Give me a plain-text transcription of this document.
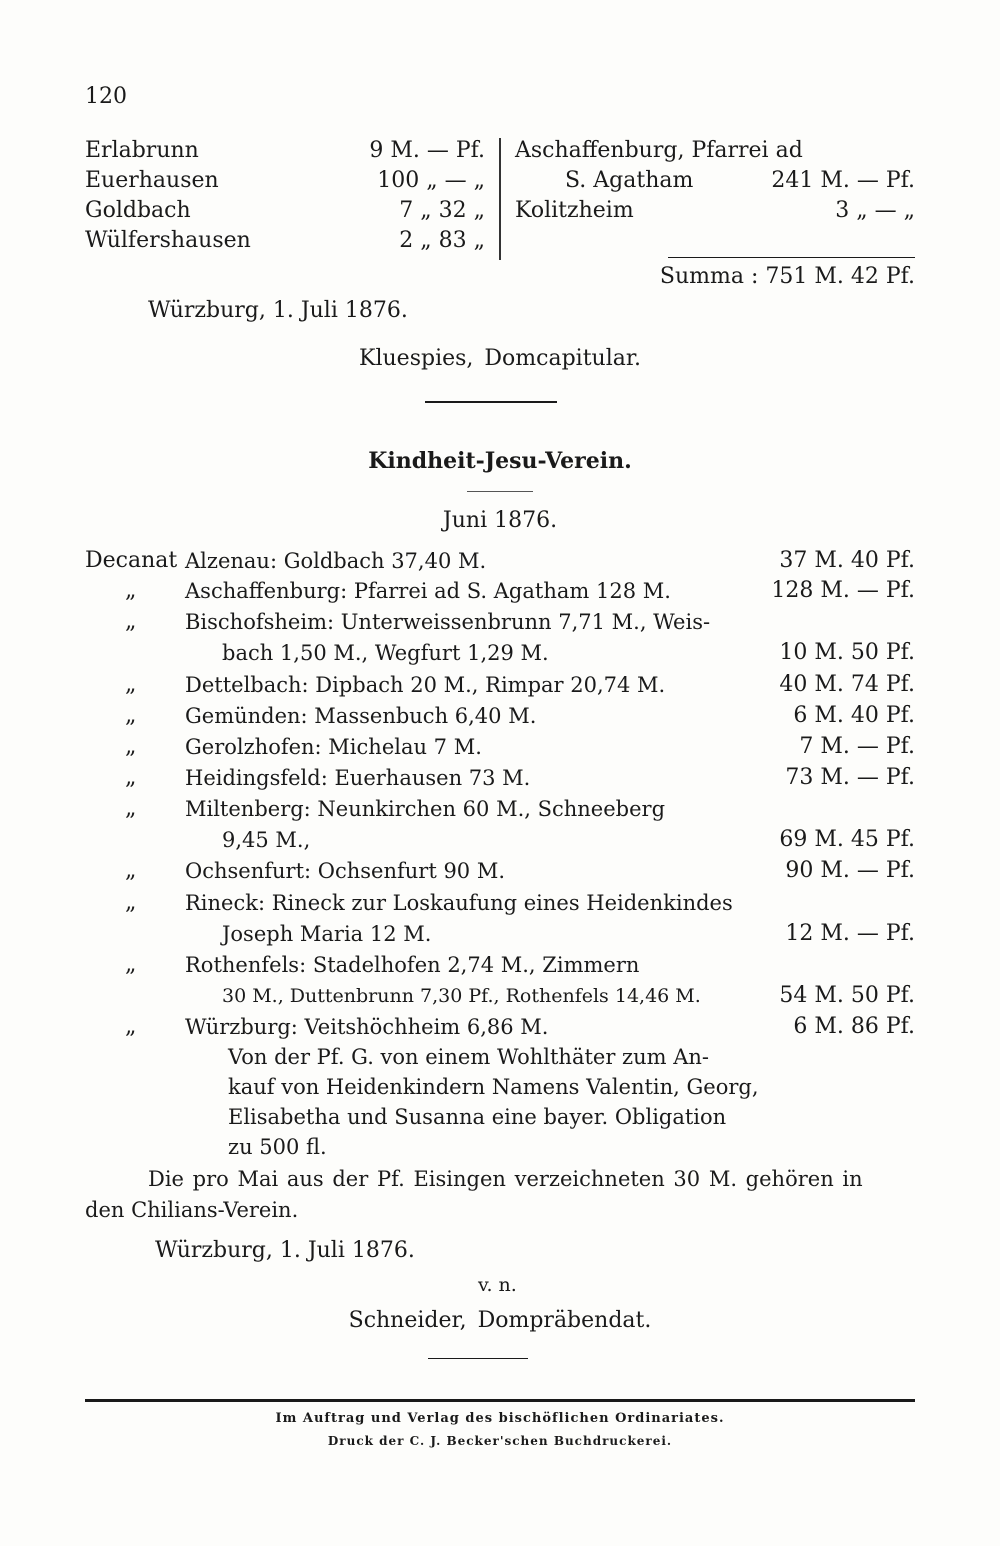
120
Erlabrunn	9 M. — Pf.
Euerhausen	100 „ — „
Goldbach	7 „ 32 „
Wülfershausen	2 „ 83 „
Aschaffenburg, Pfarrei ad
S. Agatham	241 M. — Pf.
Kolitzheim	3 „ — „
Summa : 751 M. 42 Pf.
Würzburg, 1. Juli 1876.
Kluespies, Domcapitular.
Kindheit-Jesu-Verein.
Juni 1876.
Decanat Alzenau: Goldbach 37,40 M.	37 M. 40 Pf.
„ Aschaffenburg: Pfarrei ad S. Agatham 128 M.	128 M. — Pf.
„ Bischofsheim: Unterweissenbrunn 7,71 M., Weis-
bach 1,50 M., Wegfurt 1,29 M.	10 M. 50 Pf.
„ Dettelbach: Dipbach 20 M., Rimpar 20,74 M.	40 M. 74 Pf.
„ Gemünden: Massenbuch 6,40 M.	6 M. 40 Pf.
„ Gerolzhofen: Michelau 7 M.	7 M. — Pf.
„ Heidingsfeld: Euerhausen 73 M.	73 M. — Pf.
„ Miltenberg: Neunkirchen 60 M., Schneeberg
9,45 M.,	69 M. 45 Pf.
„ Ochsenfurt: Ochsenfurt 90 M.	90 M. — Pf.
„ Rineck: Rineck zur Loskaufung eines Heidenkindes
Joseph Maria 12 M.	12 M. — Pf.
„ Rothenfels: Stadelhofen 2,74 M., Zimmern
30 M., Duttenbrunn 7,30 Pf., Rothenfels 14,46 M.	54 M. 50 Pf.
„ Würzburg: Veitshöchheim 6,86 M.	6 M. 86 Pf.
Von der Pf. G. von einem Wohlthäter zum An-
kauf von Heidenkindern Namens Valentin, Georg,
Elisabetha und Susanna eine bayer. Obligation
zu 500 fl.
Die pro Mai aus der Pf. Eisingen verzeichneten 30 M. gehören in
den Chilians-Verein.
Würzburg, 1. Juli 1876.
v. n.
Schneider, Dompräbendat.
Im Auftrag und Verlag des bischöflichen Ordinariates.
Druck der C. J. Becker'schen Buchdruckerei.
